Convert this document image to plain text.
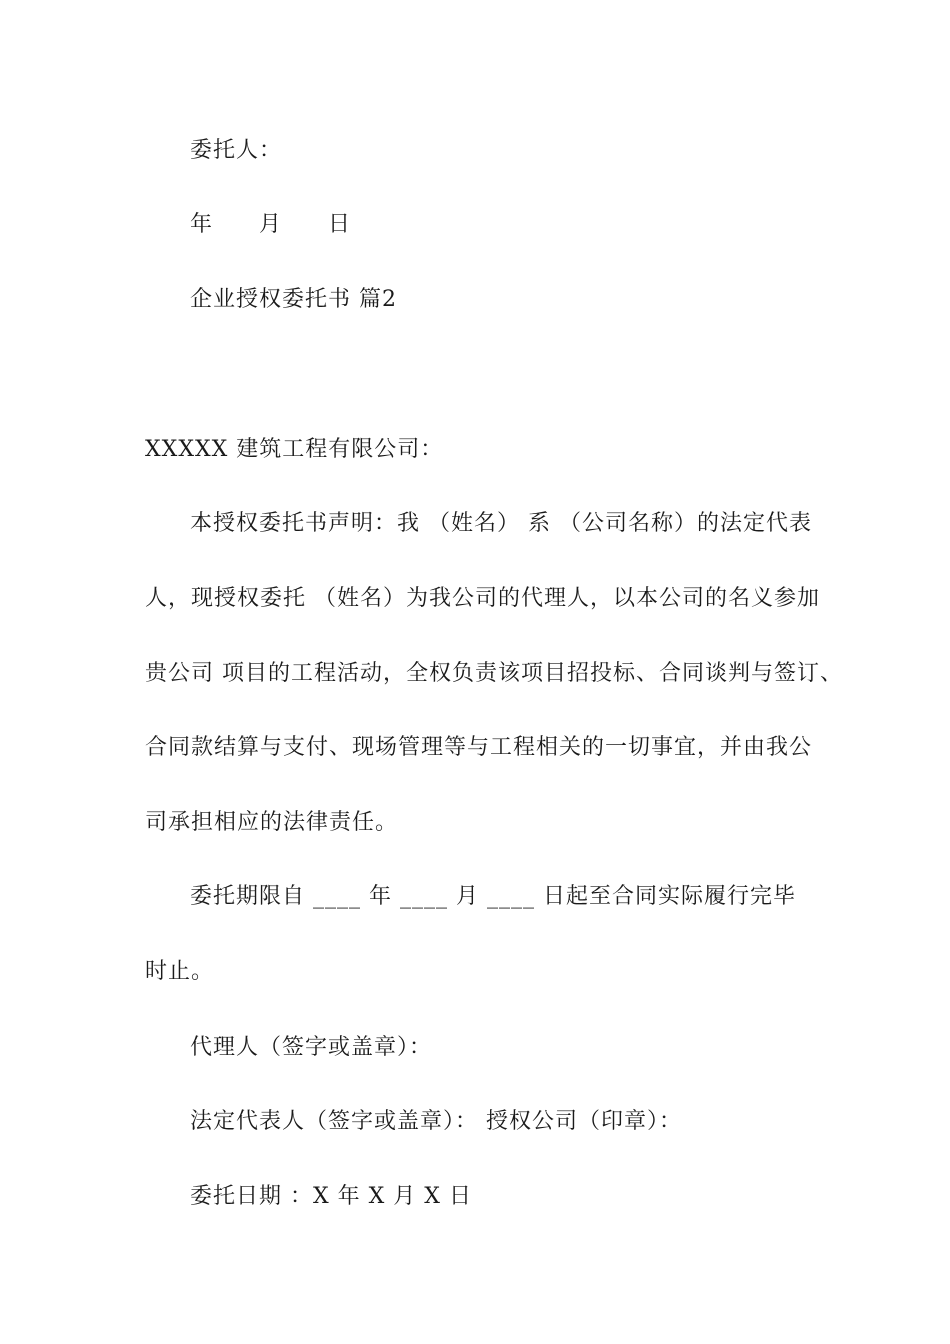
委托人：
年　　月　　日
企业授权委托书 篇2
XXXXX 建筑工程有限公司：
本授权委托书声明：我 （姓名） 系 （公司名称）的法定代表
人，现授权委托 （姓名）为我公司的代理人，以本公司的名义参加
贵公司 项目的工程活动，全权负责该项目招投标、合同谈判与签订、
合同款结算与支付、现场管理等与工程相关的一切事宜，并由我公
司承担相应的法律责任。
委托期限自 ____ 年 ____ 月 ____ 日起至合同实际履行完毕
时止。
代理人（签字或盖章）：
法定代表人（签字或盖章）： 授权公司（印章）：
委托日期 ：X 年 X 月 X 日
